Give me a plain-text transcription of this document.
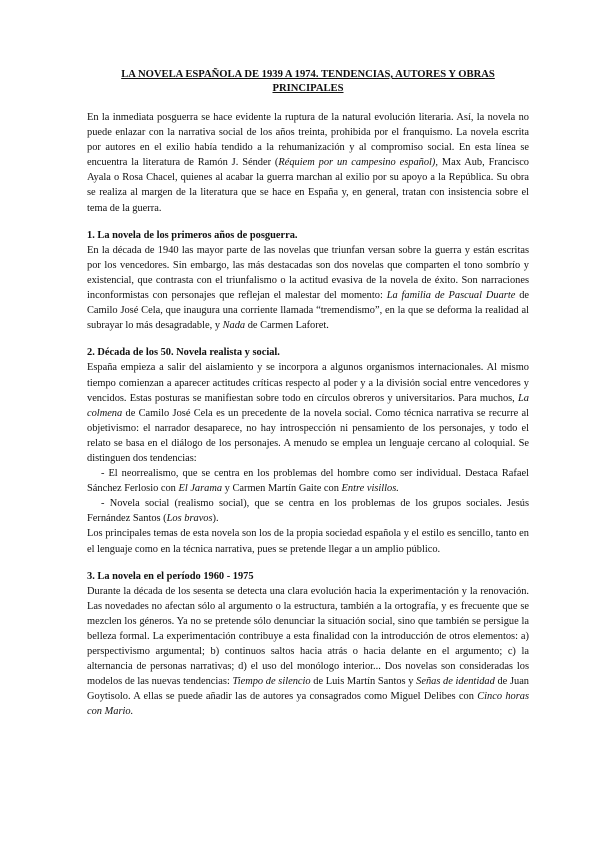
LA NOVELA ESPAÑOLA DE 1939 A 1974. TENDENCIAS, AUTORES Y OBRAS PRINCIPALES

En la inmediata posguerra se hace evidente la ruptura de la natural evolución literaria. Así, la novela no puede enlazar con la narrativa social de los años treinta, prohibida por el franquismo. La novela escrita por autores en el exilio había tendido a la rehumanización y al compromiso social. En esta línea se encuentra la literatura de Ramón J. Sénder (Réquiem por un campesino español), Max Aub, Francisco Ayala o Rosa Chacel, quienes al acabar la guerra marchan al exilio por su apoyo a la República. Su obra se realiza al margen de la literatura que se hace en España y, en general, tratan con insistencia sobre el tema de la guerra.

1. La novela de los primeros años de posguerra.

En la década de 1940 las mayor parte de las novelas que triunfan versan sobre la guerra y están escritas por los vencedores. Sin embargo, las más destacadas son dos novelas que comparten el tono sombrío y existencial, que contrasta con el triunfalismo o la actitud evasiva de la novela de éxito. Son narraciones inconformistas con personajes que reflejan el malestar del momento: La familia de Pascual Duarte de Camilo José Cela, que inaugura una corriente llamada “tremendismo”, en la que se deforma la realidad al subrayar lo más desagradable, y Nada de Carmen Laforet.

2. Década de los 50. Novela realista y social.

España empieza a salir del aislamiento y se incorpora a algunos organismos internacionales. Al mismo tiempo comienzan a aparecer actitudes críticas respecto al poder y a la división social entre vencedores y vencidos. Estas posturas se manifiestan sobre todo en círculos obreros y universitarios. Para muchos, La colmena de Camilo José Cela es un precedente de la novela social. Como técnica narrativa se recurre al objetivismo: el narrador desaparece, no hay introspección ni pensamiento de los personajes, y todo el relato se basa en el diálogo de los personajes. A menudo se emplea un lenguaje cercano al coloquial. Se distinguen dos tendencias:

- El neorrealismo, que se centra en los problemas del hombre como ser individual. Destaca Rafael Sánchez Ferlosio con El Jarama y Carmen Martín Gaite con Entre visillos.

- Novela social (realismo social), que se centra en los problemas de los grupos sociales. Jesús Fernández Santos (Los bravos).

Los principales temas de esta novela son los de la propia sociedad española y el estilo es sencillo, tanto en el lenguaje como en la técnica narrativa, pues se pretende llegar a un amplio público.

3. La novela en el período 1960 - 1975

Durante la década de los sesenta se detecta una clara evolución hacia la experimentación y la renovación. Las novedades no afectan sólo al argumento o la estructura, también a la ortografía, y es frecuente que se mezclen los géneros. Ya no se pretende sólo denunciar la situación social, sino que también se persigue la belleza formal. La experimentación contribuye a esta finalidad con la introducción de otros elementos: a) perspectivismo argumental; b) continuos saltos hacia atrás o hacia delante en el argumento; c) la alternancia de personas narrativas; d) el uso del monólogo interior... Dos novelas son consideradas los modelos de las nuevas tendencias: Tiempo de silencio de Luis Martín Santos y Señas de identidad de Juan Goytisolo. A ellas se puede añadir las de autores ya consagrados como Miguel Delibes con Cinco horas con Mario.
